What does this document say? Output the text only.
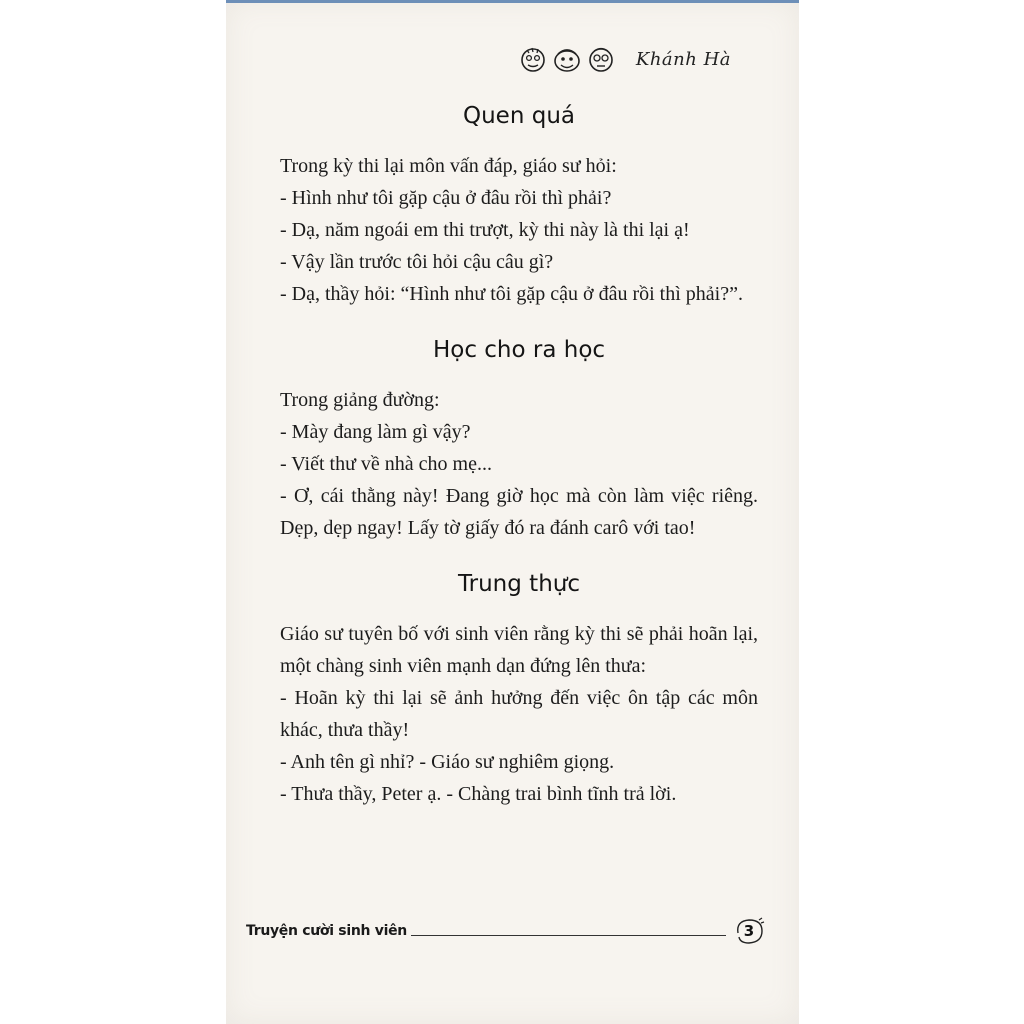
Khánh Hà
Quen quá

Trong kỳ thi lại môn vấn đáp, giáo sư hỏi:

- Hình như tôi gặp cậu ở đâu rồi thì phải?

- Dạ, năm ngoái em thi trượt, kỳ thi này là thi lại ạ!

- Vậy lần trước tôi hỏi cậu câu gì?

- Dạ, thầy hỏi: “Hình như tôi gặp cậu ở đâu rồi thì phải?”.

Học cho ra học

Trong giảng đường:

- Mày đang làm gì vậy?

- Viết thư về nhà cho mẹ...

- Ơ, cái thằng này! Đang giờ học mà còn làm việc riêng. Dẹp, dẹp ngay! Lấy tờ giấy đó ra đánh carô với tao!

Trung thực

Giáo sư tuyên bố với sinh viên rằng kỳ thi sẽ phải hoãn lại, một chàng sinh viên mạnh dạn đứng lên thưa:

- Hoãn kỳ thi lại sẽ ảnh hưởng đến việc ôn tập các môn khác, thưa thầy!

- Anh tên gì nhỉ? - Giáo sư nghiêm giọng.

- Thưa thầy, Peter ạ. - Chàng trai bình tĩnh trả lời.

Truyện cười sinh viên	3
